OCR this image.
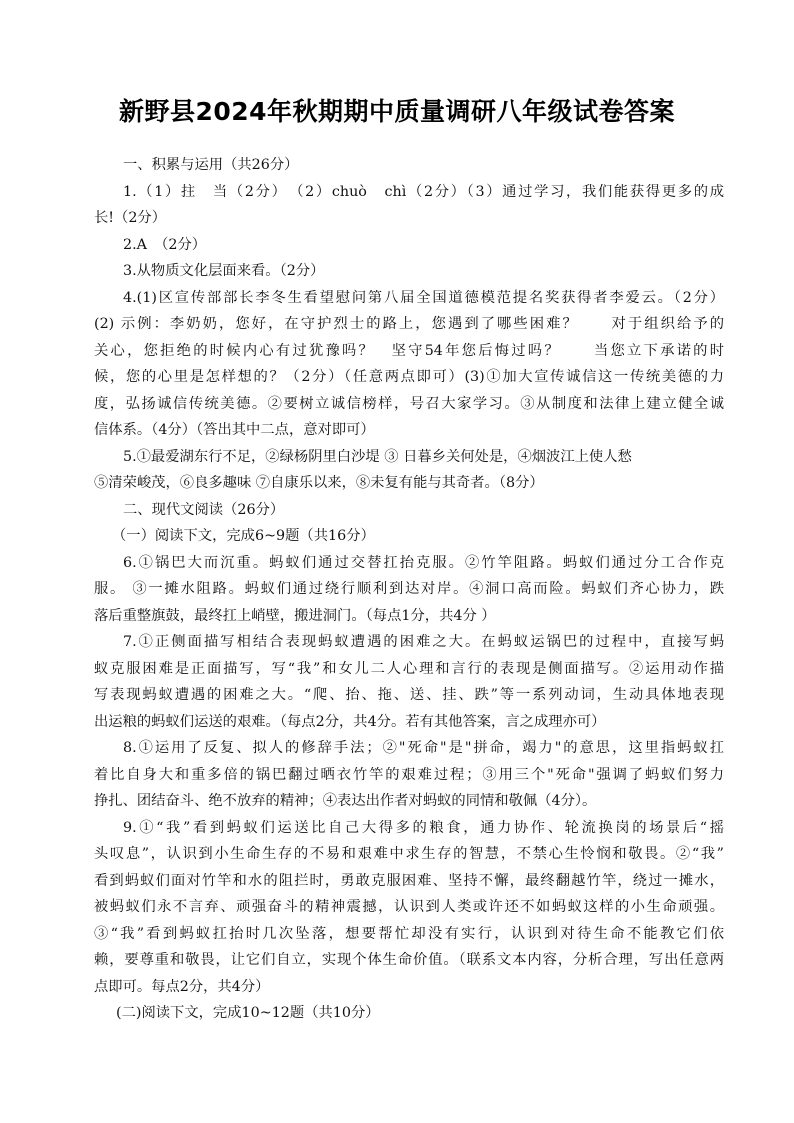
新野县2024年秋期期中质量调研八年级试卷答案
一、积累与运用（共26分）
1.（1）拄　当（2分）　（2）chuò　chì（2分）（3）通过学习，我们能获得更多的成
长!（2分）
2.A　（2分）
3.从物质文化层面来看。（2分）
4.(1)区宣传部部长李冬生看望慰问第八届全国道德模范提名奖获得者李爱云。（2分）
(2) 示例：李奶奶，您好，在守护烈士的路上，您遇到了哪些困难？　　对于组织给予的
关心，您拒绝的时候内心有过犹豫吗？　坚守54年您后悔过吗？　　当您立下承诺的时
候，您的心里是怎样想的？（2分）（任意两点即可）(3)①加大宣传诚信这一传统美德的力
度，弘扬诚信传统美德。②要树立诚信榜样，号召大家学习。③从制度和法律上建立健全诚
信体系。（4分）（答出其中二点，意对即可）
5.①最爱湖东行不足，②绿杨阴里白沙堤 ③ 日暮乡关何处是，④烟波江上使人愁
⑤清荣峻茂，⑥良多趣味 ⑦自康乐以来，⑧未复有能与其奇者。（8分）
二、现代文阅读（26分）
（一）阅读下文，完成6~9题（共16分）
6.①锅巴大而沉重。蚂蚁们通过交替扛抬克服。②竹竿阻路。蚂蚁们通过分工合作克
服。 ③一摊水阻路。蚂蚁们通过绕行顺利到达对岸。④洞口高而险。蚂蚁们齐心协力，跌
落后重整旗鼓，最终扛上峭壁，搬进洞门。（每点1分，共4分 ）
7.①正侧面描写相结合表现蚂蚁遭遇的困难之大。在蚂蚁运锅巴的过程中，直接写蚂
蚁克服困难是正面描写，写“我”和女儿二人心理和言行的表现是侧面描写。②运用动作描
写表现蚂蚁遭遇的困难之大。“爬、抬、拖、送、挂、跌”等一系列动词，生动具体地表现
出运粮的蚂蚁们运送的艰难。（每点2分，共4分。若有其他答案，言之成理亦可）
8.①运用了反复、拟人的修辞手法；②"死命"是"拼命，竭力"的意思，这里指蚂蚁扛
着比自身大和重多倍的锅巴翻过晒衣竹竿的艰难过程；③用三个"死命"强调了蚂蚁们努力
挣扎、团结奋斗、绝不放弃的精神；④表达出作者对蚂蚁的同情和敬佩（4分）。
9.①“我”看到蚂蚁们运送比自己大得多的粮食，通力协作、轮流换岗的场景后“摇
头叹息”，认识到小生命生存的不易和艰难中求生存的智慧，不禁心生怜悯和敬畏。②“我”
看到蚂蚁们面对竹竿和水的阻拦时，勇敢克服困难、坚持不懈，最终翻越竹竿，绕过一摊水，
被蚂蚁们永不言弃、顽强奋斗的精神震撼，认识到人类或许还不如蚂蚁这样的小生命顽强。
③“我”看到蚂蚁扛抬时几次坠落，想要帮忙却没有实行，认识到对待生命不能教它们依
赖，要尊重和敬畏，让它们自立，实现个体生命价值。（联系文本内容，分析合理，写出任意两
点即可。每点2分，共4分）
(二)阅读下文，完成10~12题（共10分）
